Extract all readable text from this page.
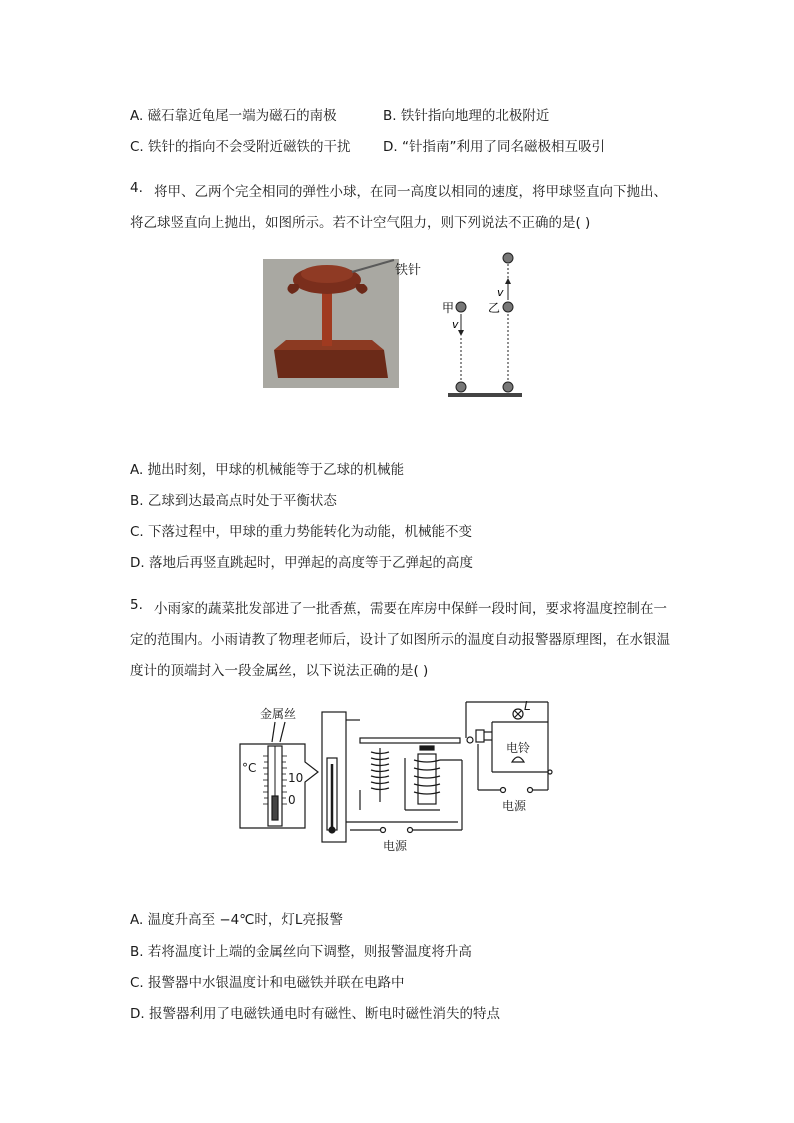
A. 磁石靠近龟尾一端为磁石的南极	B. 铁针指向地理的北极附近
C. 铁针的指向不会受附近磁铁的干扰 D. “针指南”利用了同名磁极相互吸引
4. 将甲、乙两个完全相同的弹性小球，在同一高度以相同的速度，将甲球竖直向下抛出、
将乙球竖直向上抛出，如图所示。若不计空气阻力，则下列说法不正确的是( )
铁针
甲
v
乙
v
A. 抛出时刻，甲球的机械能等于乙球的机械能
B. 乙球到达最高点时处于平衡状态
C. 下落过程中，甲球的重力势能转化为动能，机械能不变
D. 落地后再竖直跳起时，甲弹起的高度等于乙弹起的高度
5. 小雨家的蔬菜批发部进了一批香蕉，需要在库房中保鲜一段时间，要求将温度控制在一
定的范围内。小雨请教了物理老师后，设计了如图所示的温度自动报警器原理图，在水银温
度计的顶端封入一段金属丝，以下说法正确的是( )
金属丝
°C
10
0
电源
L
电铃
电源
A. 温度升高至 −4℃时，灯L亮报警
B. 若将温度计上端的金属丝向下调整，则报警温度将升高
C. 报警器中水银温度计和电磁铁并联在电路中
D. 报警器利用了电磁铁通电时有磁性、断电时磁性消失的特点
